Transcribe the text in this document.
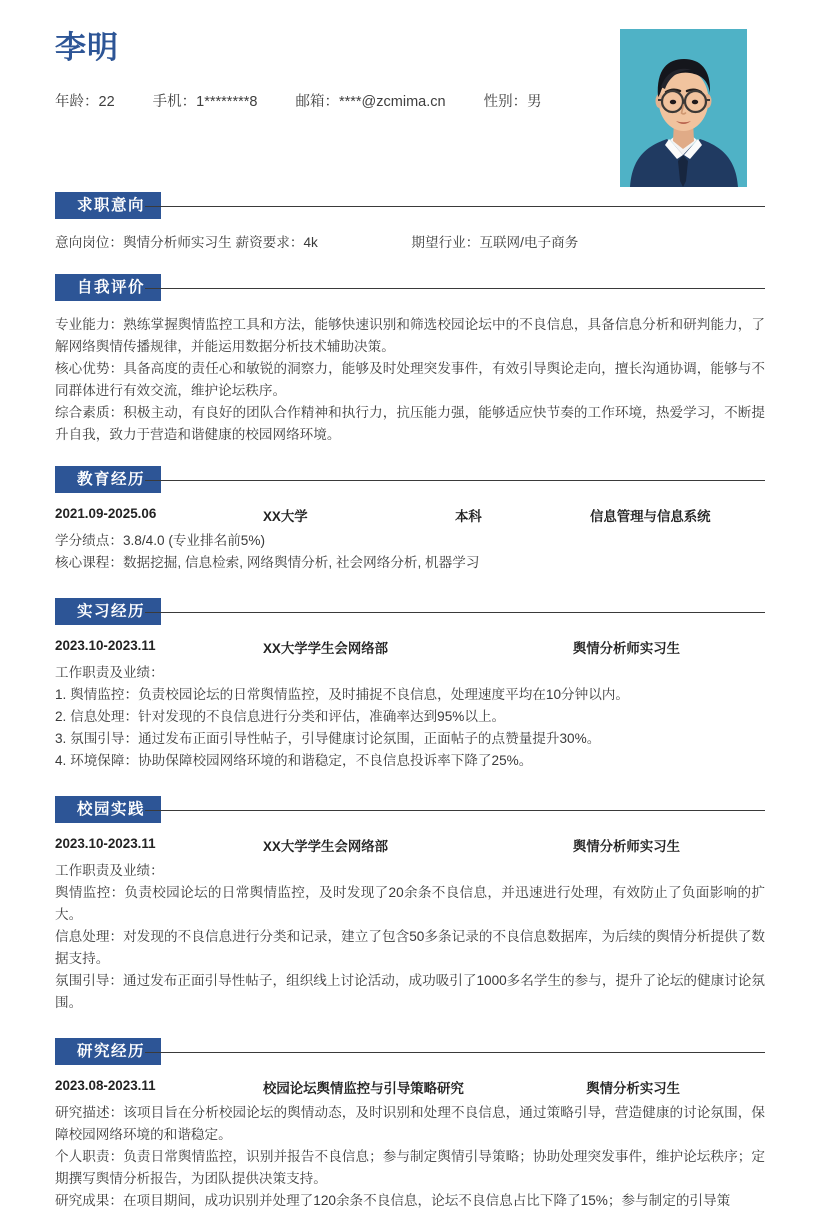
李明
年龄：22	手机：1********8	邮箱：****@zcmima.cn	性别：男
求职意向
意向岗位：舆情分析师实习生 薪资要求：4k	期望行业：互联网/电子商务
自我评价

专业能力：熟练掌握舆情监控工具和方法，能够快速识别和筛选校园论坛中的不良信息，具备信息分析和研判能力，了解网络舆情传播规律，并能运用数据分析技术辅助决策。

核心优势：具备高度的责任心和敏锐的洞察力，能够及时处理突发事件，有效引导舆论走向，擅长沟通协调，能够与不同群体进行有效交流，维护论坛秩序。

综合素质：积极主动，有良好的团队合作精神和执行力，抗压能力强，能够适应快节奏的工作环境，热爱学习，不断提升自我，致力于营造和谐健康的校园网络环境。

教育经历
2021.09-2025.06	XX大学	本科	信息管理与信息系统

学分绩点：3.8/4.0 (专业排名前5%)

核心课程：数据挖掘, 信息检索, 网络舆情分析, 社会网络分析, 机器学习

实习经历
2023.10-2023.11	XX大学学生会网络部	舆情分析师实习生

工作职责及业绩：

1. 舆情监控：负责校园论坛的日常舆情监控，及时捕捉不良信息，处理速度平均在10分钟以内。

2. 信息处理：针对发现的不良信息进行分类和评估，准确率达到95%以上。

3. 氛围引导：通过发布正面引导性帖子，引导健康讨论氛围，正面帖子的点赞量提升30%。

4. 环境保障：协助保障校园网络环境的和谐稳定，不良信息投诉率下降了25%。

校园实践
2023.10-2023.11	XX大学学生会网络部	舆情分析师实习生

工作职责及业绩：

舆情监控：负责校园论坛的日常舆情监控，及时发现了20余条不良信息，并迅速进行处理，有效防止了负面影响的扩大。

信息处理：对发现的不良信息进行分类和记录，建立了包含50多条记录的不良信息数据库，为后续的舆情分析提供了数据支持。

氛围引导：通过发布正面引导性帖子，组织线上讨论活动，成功吸引了1000多名学生的参与，提升了论坛的健康讨论氛围。

研究经历
2023.08-2023.11	校园论坛舆情监控与引导策略研究	舆情分析实习生

研究描述：该项目旨在分析校园论坛的舆情动态，及时识别和处理不良信息，通过策略引导，营造健康的讨论氛围，保障校园网络环境的和谐稳定。

个人职责：负责日常舆情监控，识别并报告不良信息；参与制定舆情引导策略；协助处理突发事件，维护论坛秩序；定期撰写舆情分析报告，为团队提供决策支持。

研究成果：在项目期间，成功识别并处理了120余条不良信息，论坛不良信息占比下降了15%；参与制定的引导策
